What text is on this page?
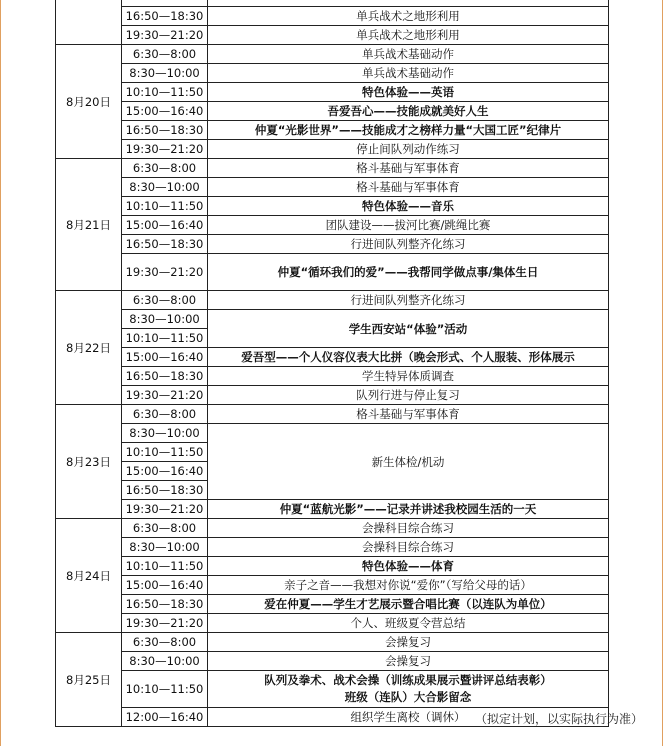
	16:50—18:30	单兵战术之地形利用
	19:30—21:20	单兵战术之地形利用
8月20日	6:30—8:00	单兵战术基础动作
	8:30—10:00	单兵战术基础动作
	10:10—11:50	特色体验——英语
	15:00—16:40	吾爱吾心——技能成就美好人生
	16:50—18:30	仲夏“光影世界”——技能成才之榜样力量“大国工匠”纪律片
	19:30—21:20	停止间队列动作练习
8月21日	6:30—8:00	格斗基础与军事体育
	8:30—10:00	格斗基础与军事体育
	10:10—11:50	特色体验——音乐
	15:00—16:40	团队建设——拔河比赛/跳绳比赛
	16:50—18:30	行进间队列整齐化练习
	19:30—21:20	仲夏“循环我们的爱”——我帮同学做点事/集体生日
8月22日	6:30—8:00	行进间队列整齐化练习
	8:30—10:00	学生西安站“体验”活动
	10:10—11:50	
	15:00—16:40	爱吾型——个人仪容仪表大比拼（晚会形式、个人服装、形体展示
	16:50—18:30	学生特异体质调查
	19:30—21:20	队列行进与停止复习
8月23日	6:30—8:00	格斗基础与军事体育
	8:30—10:00	新生体检/机动
	10:10—11:50	
	15:00—16:40	
	16:50—18:30	
	19:30—21:20	仲夏“蓝航光影”——记录并讲述我校园生活的一天
8月24日	6:30—8:00	会操科目综合练习
	8:30—10:00	会操科目综合练习
	10:10—11:50	特色体验——体育
	15:00—16:40	亲子之音——我想对你说“爱你”（写给父母的话）
	16:50—18:30	爱在仲夏——学生才艺展示暨合唱比赛（以连队为单位）
	19:30—21:20	个人、班级夏令营总结
8月25日	6:30—8:00	会操复习
	8:30—10:00	会操复习
	10:10—11:50	队列及拳术、战术会操（训练成果展示暨讲评总结表彰）
班级（连队）大合影留念

	12:00—16:40	组织学生离校（调休） （拟定计划，以实际执行为准）
